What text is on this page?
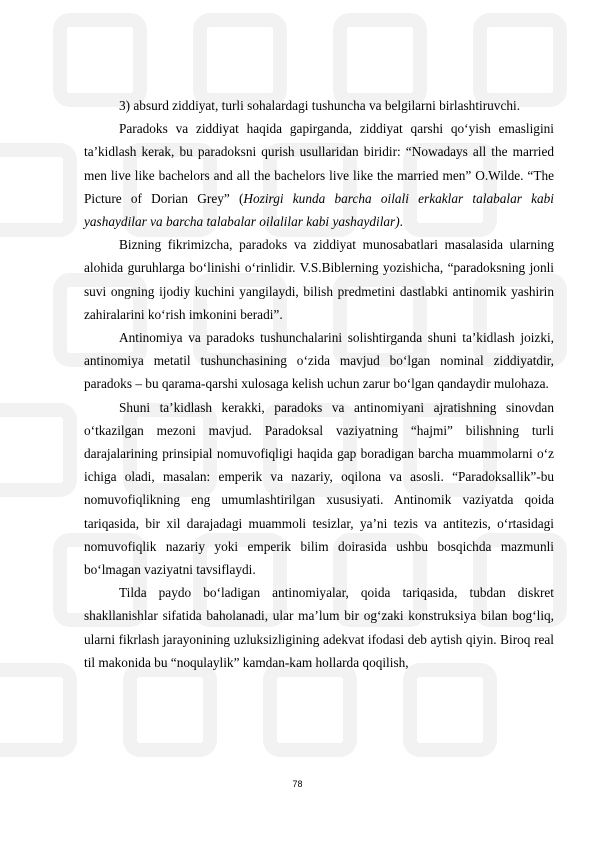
3) absurd ziddiyat, turli sohalardagi tushuncha va belgilarni birlashtiruvchi.

Paradoks va ziddiyat haqida gapirganda, ziddiyat qarshi qo‘yish emasligini ta’kidlash kerak, bu paradoksni qurish usullaridan biridir: “Nowadays all the married men live like bachelors and all the bachelors live like the married men” O.Wilde. “The Picture of Dorian Grey” (Hozirgi kunda barcha oilali erkaklar talabalar kabi yashaydilar va barcha talabalar oilalilar kabi yashaydilar).

Bizning fikrimizcha, paradoks va ziddiyat munosabatlari masalasida ularning alohida guruhlarga bo‘linishi o‘rinlidir. V.S.Biblerning yozishicha, “paradoksning jonli suvi ongning ijodiy kuchini yangilaydi, bilish predmetini dastlabki antinomik yashirin zahiralarini ko‘rish imkonini beradi”.

Antinomiya va paradoks tushunchalarini solishtirganda shuni ta’kidlash joizki, antinomiya metatil tushunchasining o‘zida mavjud bo‘lgan nominal ziddiyatdir, paradoks – bu qarama-qarshi xulosaga kelish uchun zarur bo‘lgan qandaydir mulohaza.

Shuni ta’kidlash kerakki, paradoks va antinomiyani ajratishning sinovdan o‘tkazilgan mezoni mavjud. Paradoksal vaziyatning “hajmi” bilishning turli darajalarining prinsipial nomuvofiqligi haqida gap boradigan barcha muammolarni o‘z ichiga oladi, masalan: emperik va nazariy, oqilona va asosli. “Paradoksallik”-bu nomuvofiqlikning eng umumlashtirilgan xususiyati. Antinomik vaziyatda qoida tariqasida, bir xil darajadagi muammoli tesizlar, ya’ni tezis va antitezis, o‘rtasidagi nomuvofiqlik nazariy yoki emperik bilim doirasida ushbu bosqichda mazmunli bo‘lmagan vaziyatni tavsiflaydi.

Tilda paydo bo‘ladigan antinomiyalar, qoida tariqasida, tubdan diskret shakllanishlar sifatida baholanadi, ular ma’lum bir og‘zaki konstruksiya bilan bog‘liq, ularni fikrlash jarayonining uzluksizligining adekvat ifodasi deb aytish qiyin. Biroq real til makonida bu “noqulaylik” kamdan-kam hollarda qoqilish,

78
